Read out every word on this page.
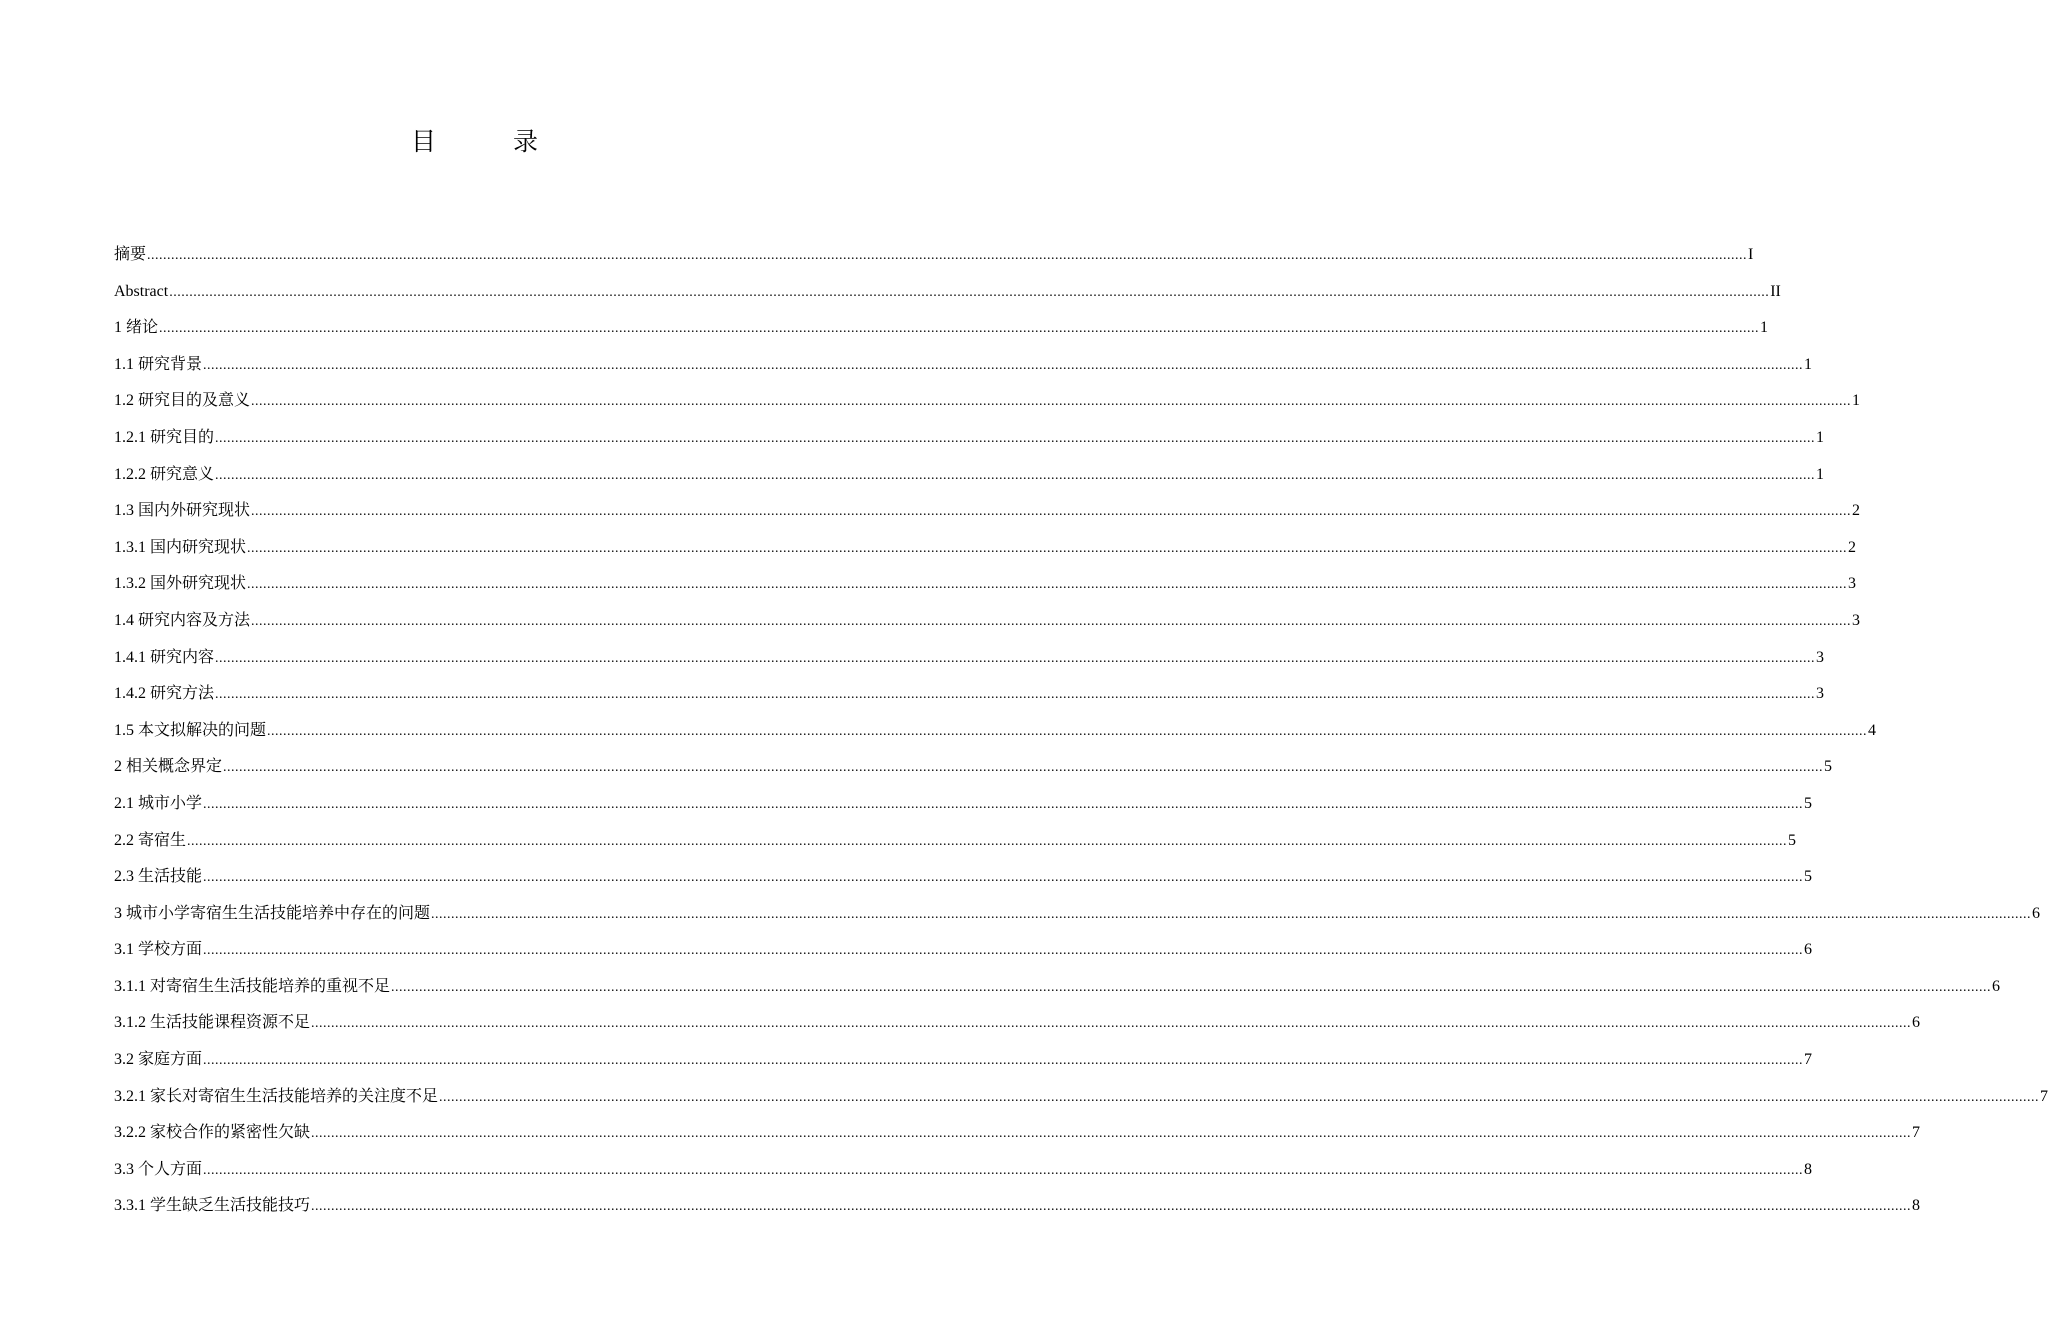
目　录
摘要 ................................................................................................................................................................................................................................................................................................................................................................................................................ I
Abstract ................................................................................................................................................................................................................................................................................................................................................................................................................ II
1 绪论 ................................................................................................................................................................................................................................................................................................................................................................................................................ 1
1.1 研究背景 ................................................................................................................................................................................................................................................................................................................................................................................................................ 1
1.2 研究目的及意义 ................................................................................................................................................................................................................................................................................................................................................................................................................ 1
1.2.1 研究目的 ................................................................................................................................................................................................................................................................................................................................................................................................................ 1
1.2.2 研究意义 ................................................................................................................................................................................................................................................................................................................................................................................................................ 1
1.3 国内外研究现状 ................................................................................................................................................................................................................................................................................................................................................................................................................ 2
1.3.1 国内研究现状 ................................................................................................................................................................................................................................................................................................................................................................................................................ 2
1.3.2 国外研究现状 ................................................................................................................................................................................................................................................................................................................................................................................................................ 3
1.4 研究内容及方法 ................................................................................................................................................................................................................................................................................................................................................................................................................ 3
1.4.1 研究内容 ................................................................................................................................................................................................................................................................................................................................................................................................................ 3
1.4.2 研究方法 ................................................................................................................................................................................................................................................................................................................................................................................................................ 3
1.5 本文拟解决的问题 ................................................................................................................................................................................................................................................................................................................................................................................................................ 4
2 相关概念界定 ................................................................................................................................................................................................................................................................................................................................................................................................................ 5
2.1 城市小学 ................................................................................................................................................................................................................................................................................................................................................................................................................ 5
2.2 寄宿生 ................................................................................................................................................................................................................................................................................................................................................................................................................ 5
2.3 生活技能 ................................................................................................................................................................................................................................................................................................................................................................................................................ 5
3 城市小学寄宿生生活技能培养中存在的问题 ................................................................................................................................................................................................................................................................................................................................................................................................................ 6
3.1 学校方面 ................................................................................................................................................................................................................................................................................................................................................................................................................ 6
3.1.1 对寄宿生生活技能培养的重视不足 ................................................................................................................................................................................................................................................................................................................................................................................................................ 6
3.1.2 生活技能课程资源不足 ................................................................................................................................................................................................................................................................................................................................................................................................................ 6
3.2 家庭方面 ................................................................................................................................................................................................................................................................................................................................................................................................................ 7
3.2.1 家长对寄宿生生活技能培养的关注度不足 ................................................................................................................................................................................................................................................................................................................................................................................................................ 7
3.2.2 家校合作的紧密性欠缺 ................................................................................................................................................................................................................................................................................................................................................................................................................ 7
3.3 个人方面 ................................................................................................................................................................................................................................................................................................................................................................................................................ 8
3.3.1 学生缺乏生活技能技巧 ................................................................................................................................................................................................................................................................................................................................................................................................................ 8
